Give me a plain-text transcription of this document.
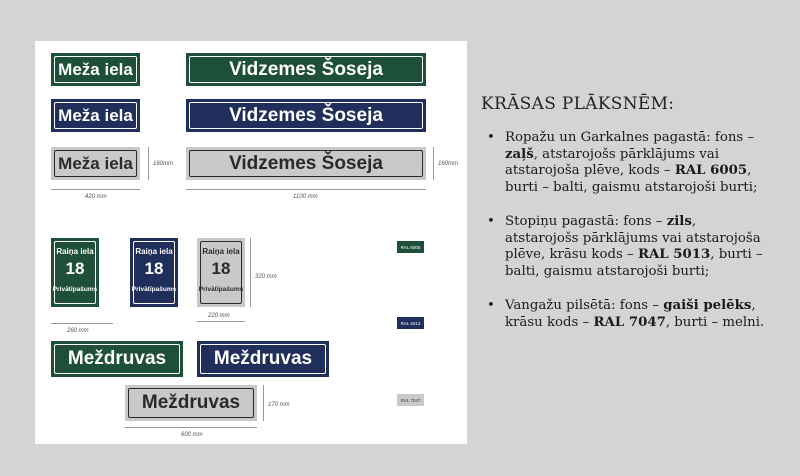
Meža iela	Vidzemes Šoseja
Meža iela	Vidzemes Šoseja
Meža iela	Vidzemes Šoseja
160mm	160mm
420 mm	1100 mm
Raiņa iela
18
Privātīpašums
Raiņa iela
18
Privātīpašums
Raiņa iela
18
Privātīpašums
320 mm
260 mm
220 mm
RAL 6005
RAL 5013
RAL 7047
Meždruvas	Meždruvas
Meždruvas	170 mm
600 mm
KRĀSAS PLĀKSNĒM:
• Ropažu un Garkalnes pagastā: fons – zaļš, atstarojošs pārklājums vai atstarojoša plēve, kods – RAL 6005, burti – balti, gaismu atstarojoši burti;
• Stopiņu pagastā: fons – zils, atstarojošs pārklājums vai atstarojoša plēve, krāsu kods – RAL 5013, burti – balti, gaismu atstarojoši burti;
• Vangažu pilsētā: fons – gaiši pelēks, krāsu kods – RAL 7047, burti – melni.
